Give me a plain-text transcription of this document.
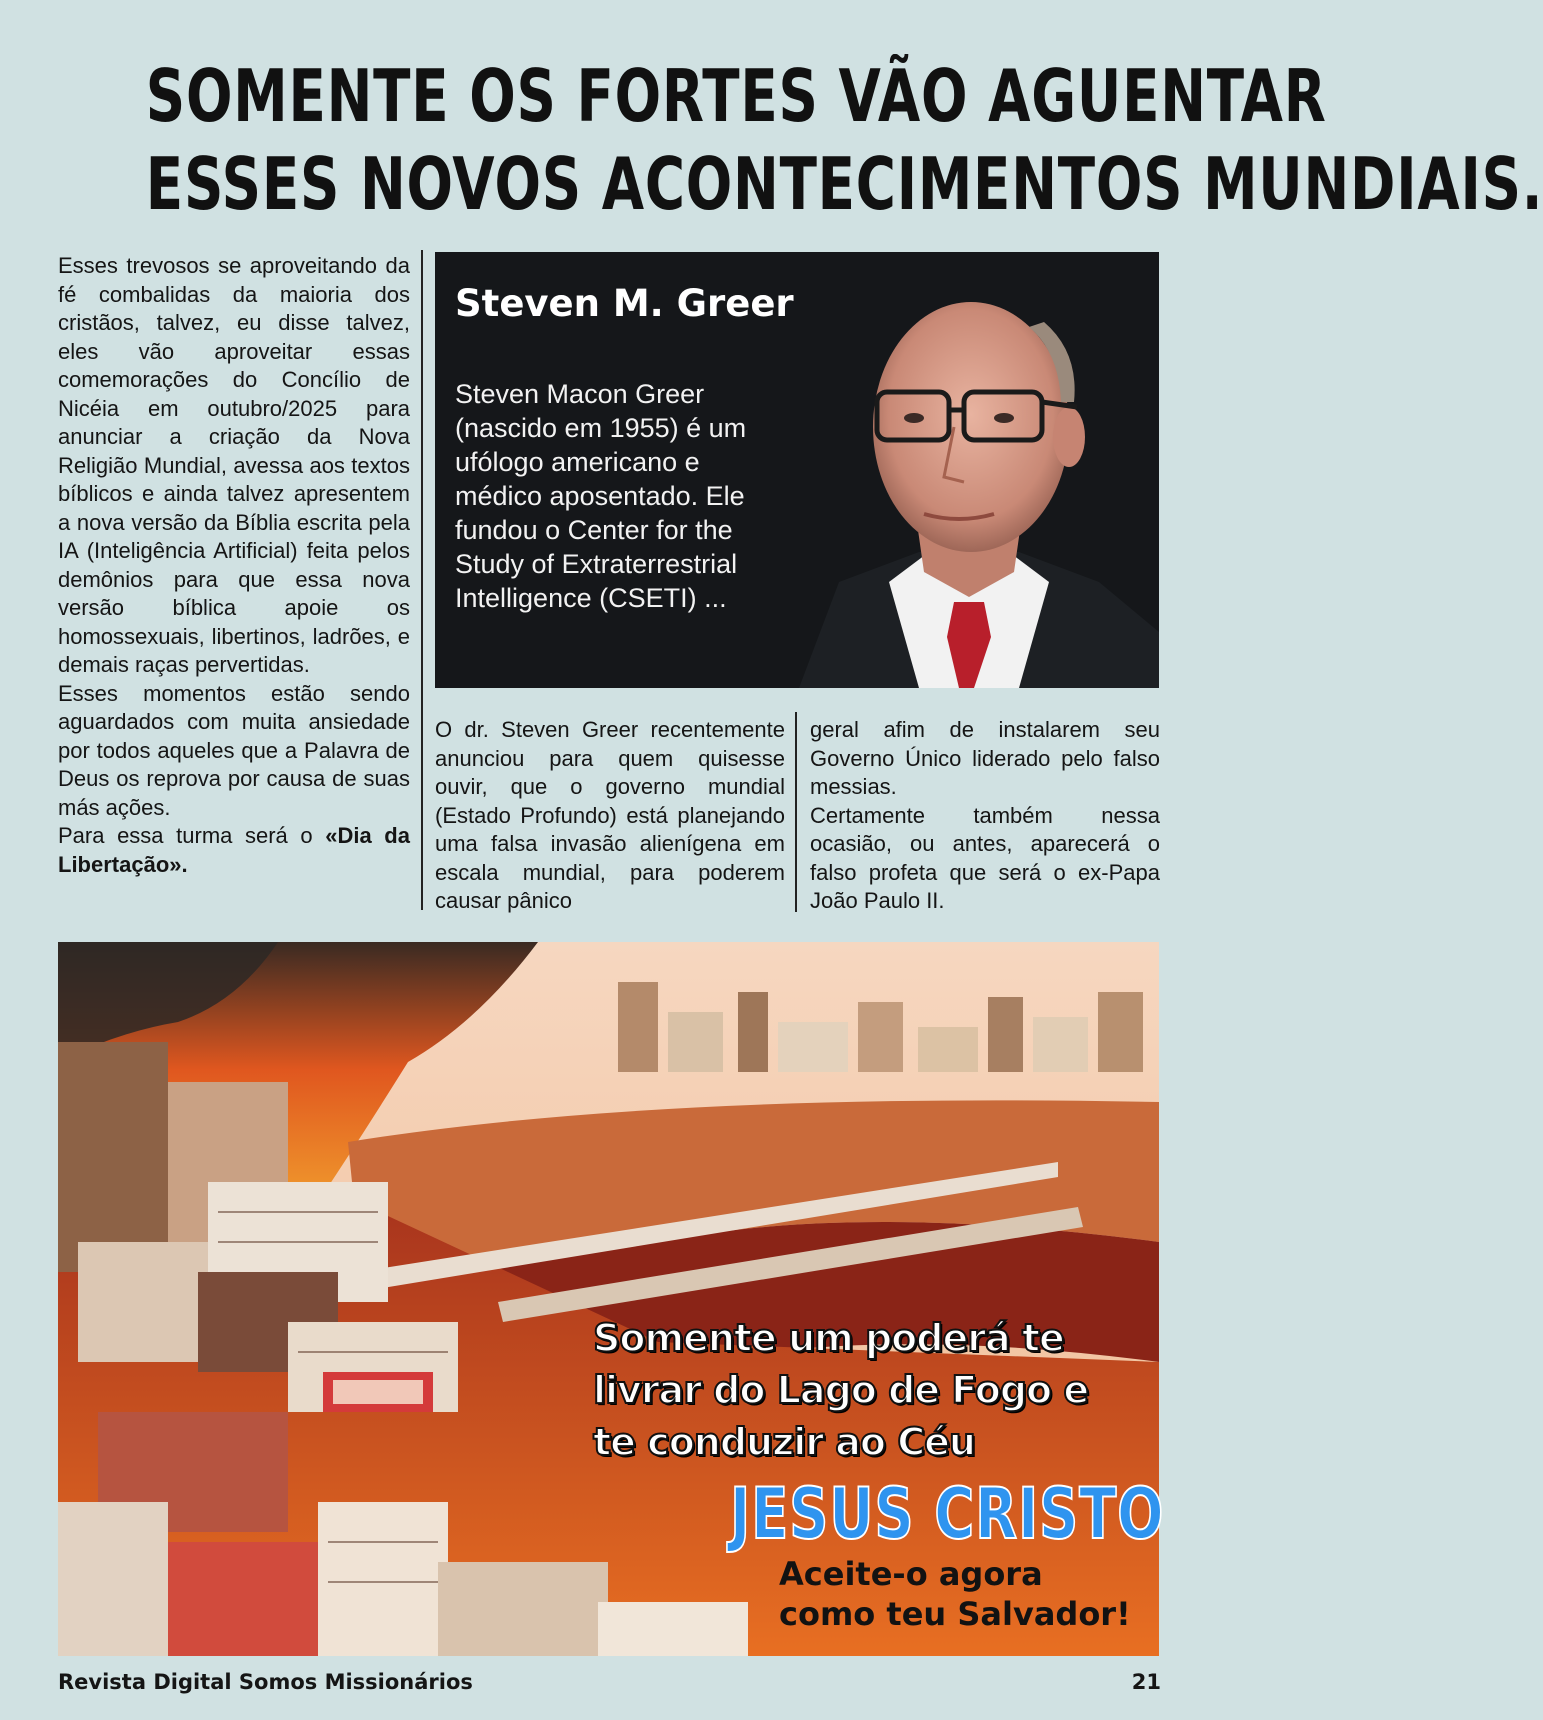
SOMENTE OS FORTES VÃO AGUENTAR
ESSES NOVOS ACONTECIMENTOS MUNDIAIS.

Esses trevosos se aproveitando da fé combalidas da maioria dos cristãos, talvez, eu disse talvez, eles vão aproveitar essas comemorações do Concílio de Nicéia em outubro/2025 para anunciar a criação da Nova Religião Mundial, avessa aos textos bíblicos e ainda talvez apresentem a nova versão da Bíblia escrita pela IA (Inteligência Artificial) feita pelos demônios para que essa nova versão bíblica apoie os homossexuais, libertinos, ladrões, e demais raças pervertidas.

Esses momentos estão sendo aguardados com muita ansiedade por todos aqueles que a Palavra de Deus os reprova por causa de suas más ações.

Para essa turma será o «Dia da Libertação».

Steven M. Greer
Steven Macon Greer (nascido em 1955) é um ufólogo americano e médico aposentado. Ele fundou o Center for the Study of Extraterrestrial Intelligence (CSETI) ...

O dr. Steven Greer recentemente anunciou para quem quisesse ouvir, que o governo mundial (Estado Profundo) está planejando uma falsa invasão alienígena em escala mundial, para poderem causar pânico

geral afim de instalarem seu Governo Único liderado pelo falso messias.

Certamente também nessa ocasião, ou antes, aparecerá o falso profeta que será o ex-Papa João Paulo II.

Somente um poderá te livrar do Lago de Fogo e te conduzir ao Céu
JESUS CRISTO
Aceite-o agora
como teu Salvador!
Revista Digital Somos Missionários	21
